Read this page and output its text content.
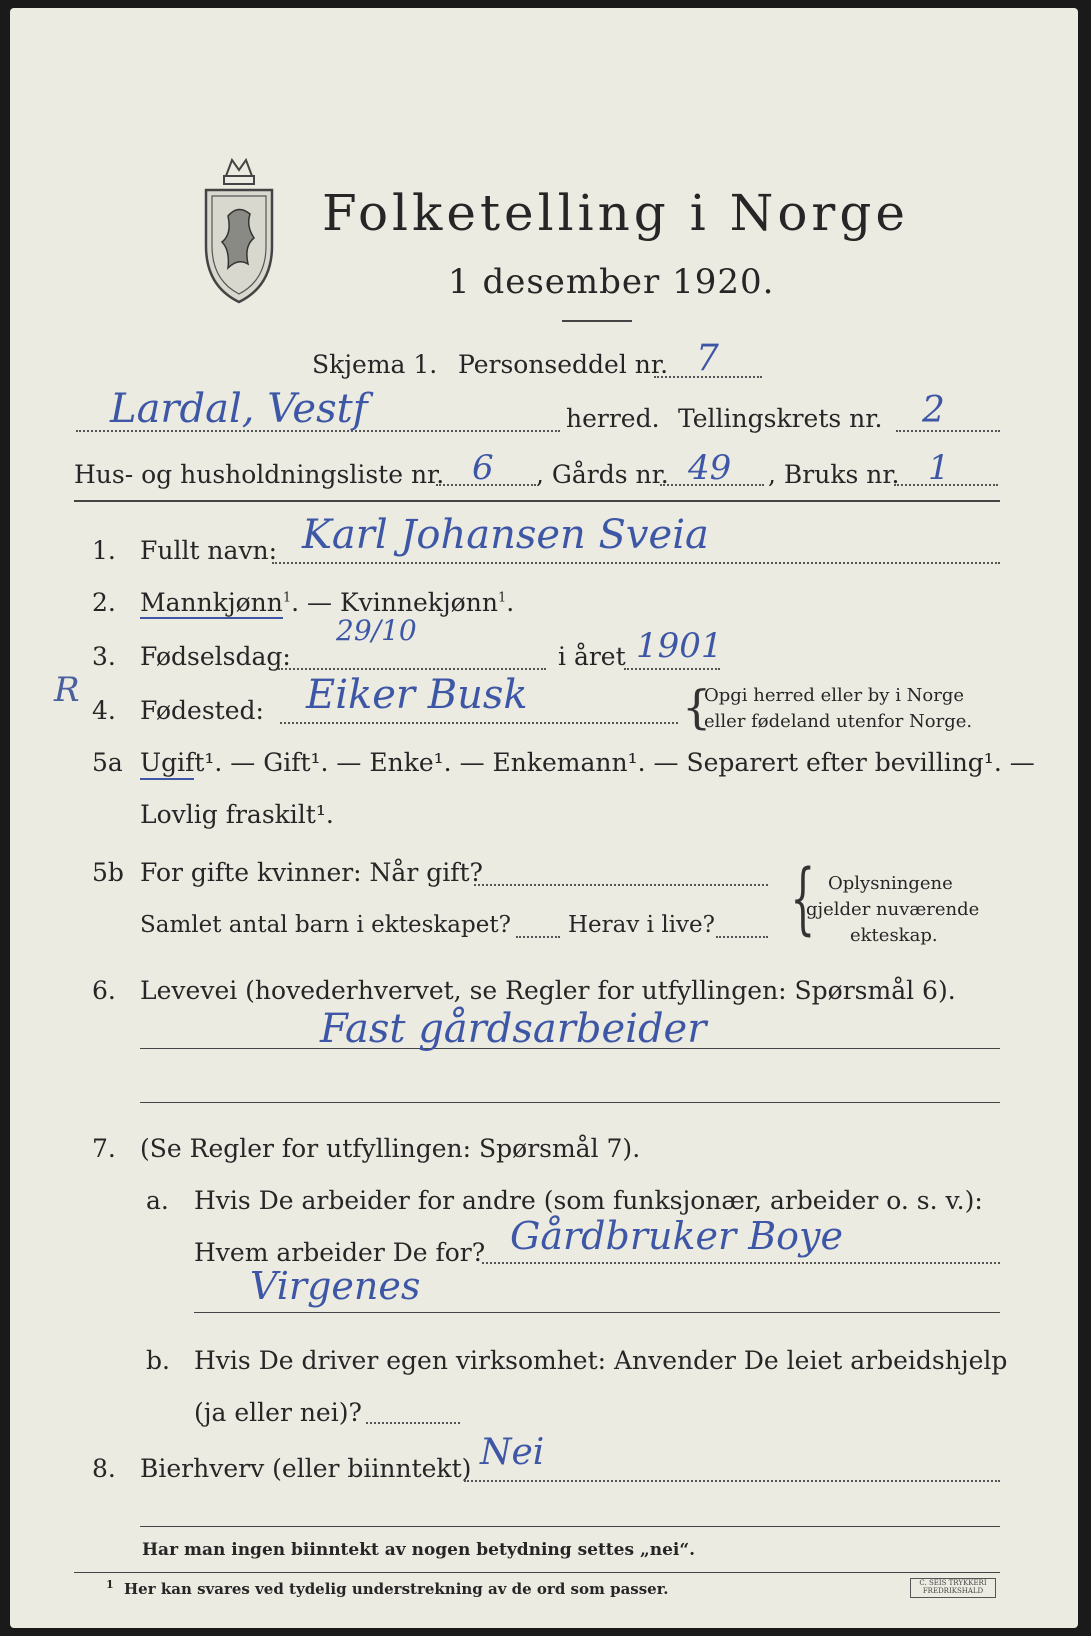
Folketelling i Norge
1 desember 1920.
Skjema 1. Personseddel nr. 7
Lardal, Vestf	herred. Tellingskrets nr. 2
Hus- og husholdningsliste nr. 6 , Gårds nr. 49 , Bruks nr. 1
1. Fullt navn: Karl Johansen Sveia
2. Mannkjønn$^1$. — Kvinnekjønn$^1$.
3. Fødselsdag:
29/10
i året 1901
R
4. Fødested: Eiker Busk	{
Opgi herred eller by i Norge
eller fødeland utenfor Norge.
5a Ugift¹. — Gift¹. — Enke¹. — Enkemann¹. — Separert efter bevilling¹. —
Lovlig fraskilt¹.
5b For gifte kvinner: Når gift?
Samlet antal barn i ekteskapet? Herav i live? { Oplysningene
gjelder nuværende
ekteskap.
6. Levevei (hovederhvervet, se Regler for utfyllingen: Spørsmål 6).
Fast gårdsarbeider
7. (Se Regler for utfyllingen: Spørsmål 7).
a. Hvis De arbeider for andre (som funksjonær, arbeider o. s. v.):
Hvem arbeider De for? Gårdbruker Boye
Virgenes
b. Hvis De driver egen virksomhet: Anvender De leiet arbeidshjelp
(ja eller nei)?
8. Bierhverv (eller biinntekt) Nei
Har man ingen biinntekt av nogen betydning settes „nei“.
1 Her kan svares ved tydelig understrekning av de ord som passer.	C. SEIS TRYKKERI
FREDRIKSHALD
